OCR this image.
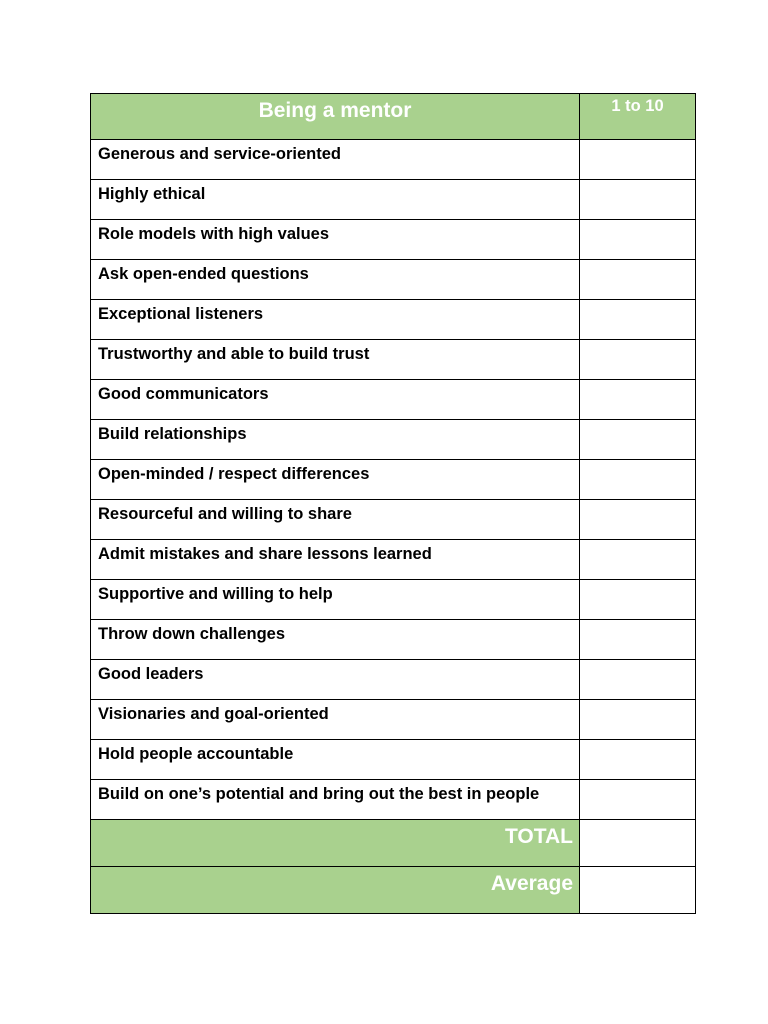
Being a mentor	1 to 10
Generous and service-oriented	
Highly ethical	
Role models with high values	
Ask open-ended questions	
Exceptional listeners	
Trustworthy and able to build trust	
Good communicators	
Build relationships	
Open-minded / respect differences	
Resourceful and willing to share	
Admit mistakes and share lessons learned	
Supportive and willing to help	
Throw down challenges	
Good leaders	
Visionaries and goal-oriented	
Hold people accountable	
Build on one’s potential and bring out the best in people	
TOTAL	
Average	
